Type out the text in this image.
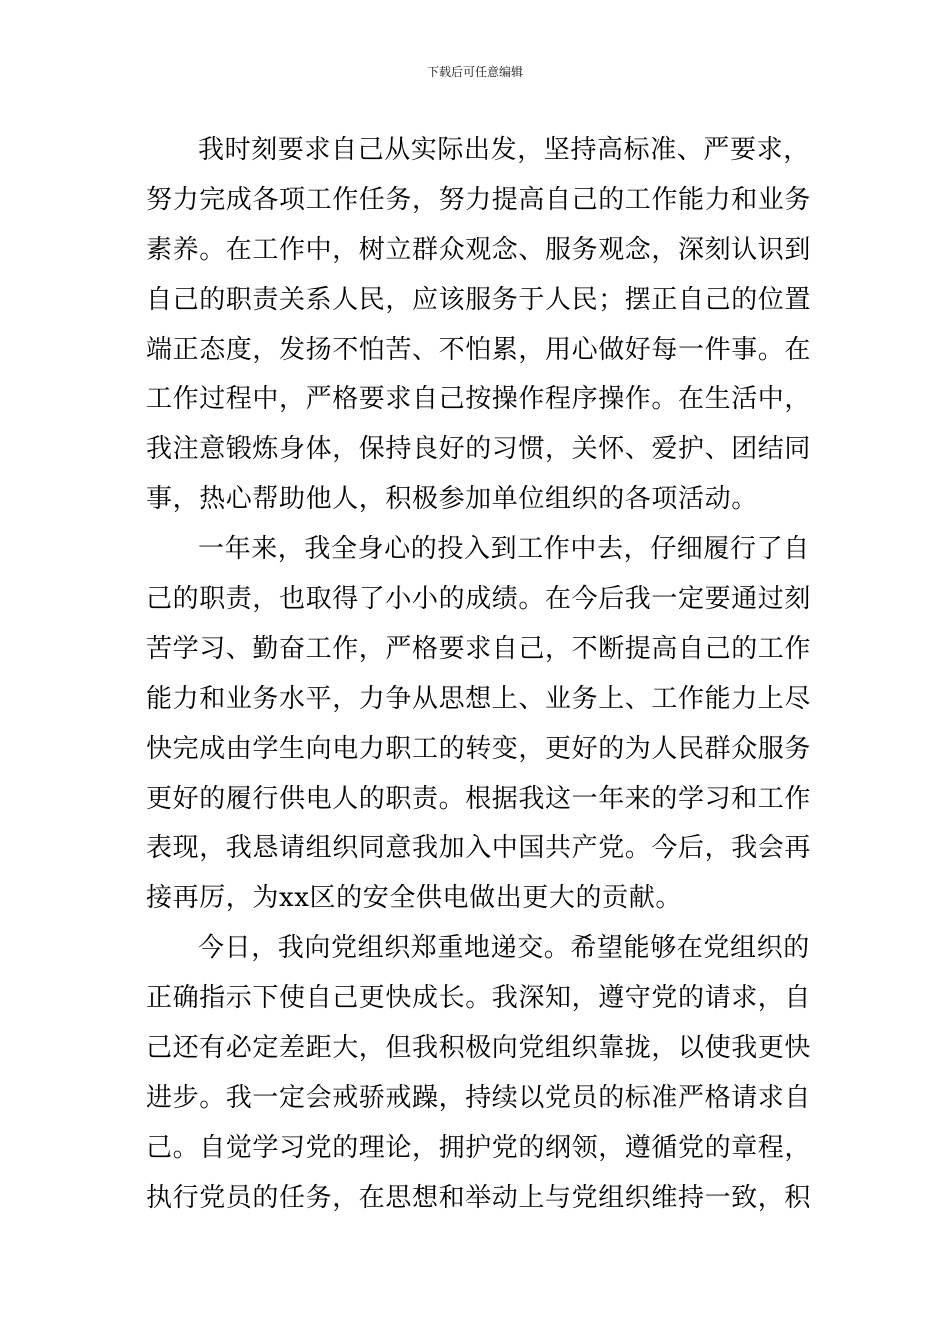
下载后可任意编辑
我时刻要求自己从实际出发，坚持高标准、严要求，
努力完成各项工作任务，努力提高自己的工作能力和业务
素养。在工作中，树立群众观念、服务观念，深刻认识到
自己的职责关系人民，应该服务于人民；摆正自己的位置
端正态度，发扬不怕苦、不怕累，用心做好每一件事。在
工作过程中，严格要求自己按操作程序操作。在生活中，
我注意锻炼身体，保持良好的习惯，关怀、爱护、团结同
事，热心帮助他人，积极参加单位组织的各项活动。
一年来，我全身心的投入到工作中去，仔细履行了自
己的职责，也取得了小小的成绩。在今后我一定要通过刻
苦学习、勤奋工作，严格要求自己，不断提高自己的工作
能力和业务水平，力争从思想上、业务上、工作能力上尽
快完成由学生向电力职工的转变，更好的为人民群众服务
更好的履行供电人的职责。根据我这一年来的学习和工作
表现，我恳请组织同意我加入中国共产党。今后，我会再
接再厉，为xx区的安全供电做出更大的贡献。
今日，我向党组织郑重地递交。希望能够在党组织的
正确指示下使自己更快成长。我深知，遵守党的请求，自
己还有必定差距大，但我积极向党组织靠拢，以使我更快
进步。我一定会戒骄戒躁，持续以党员的标准严格请求自
己。自觉学习党的理论，拥护党的纲领，遵循党的章程，
执行党员的任务，在思想和举动上与党组织维持一致，积
